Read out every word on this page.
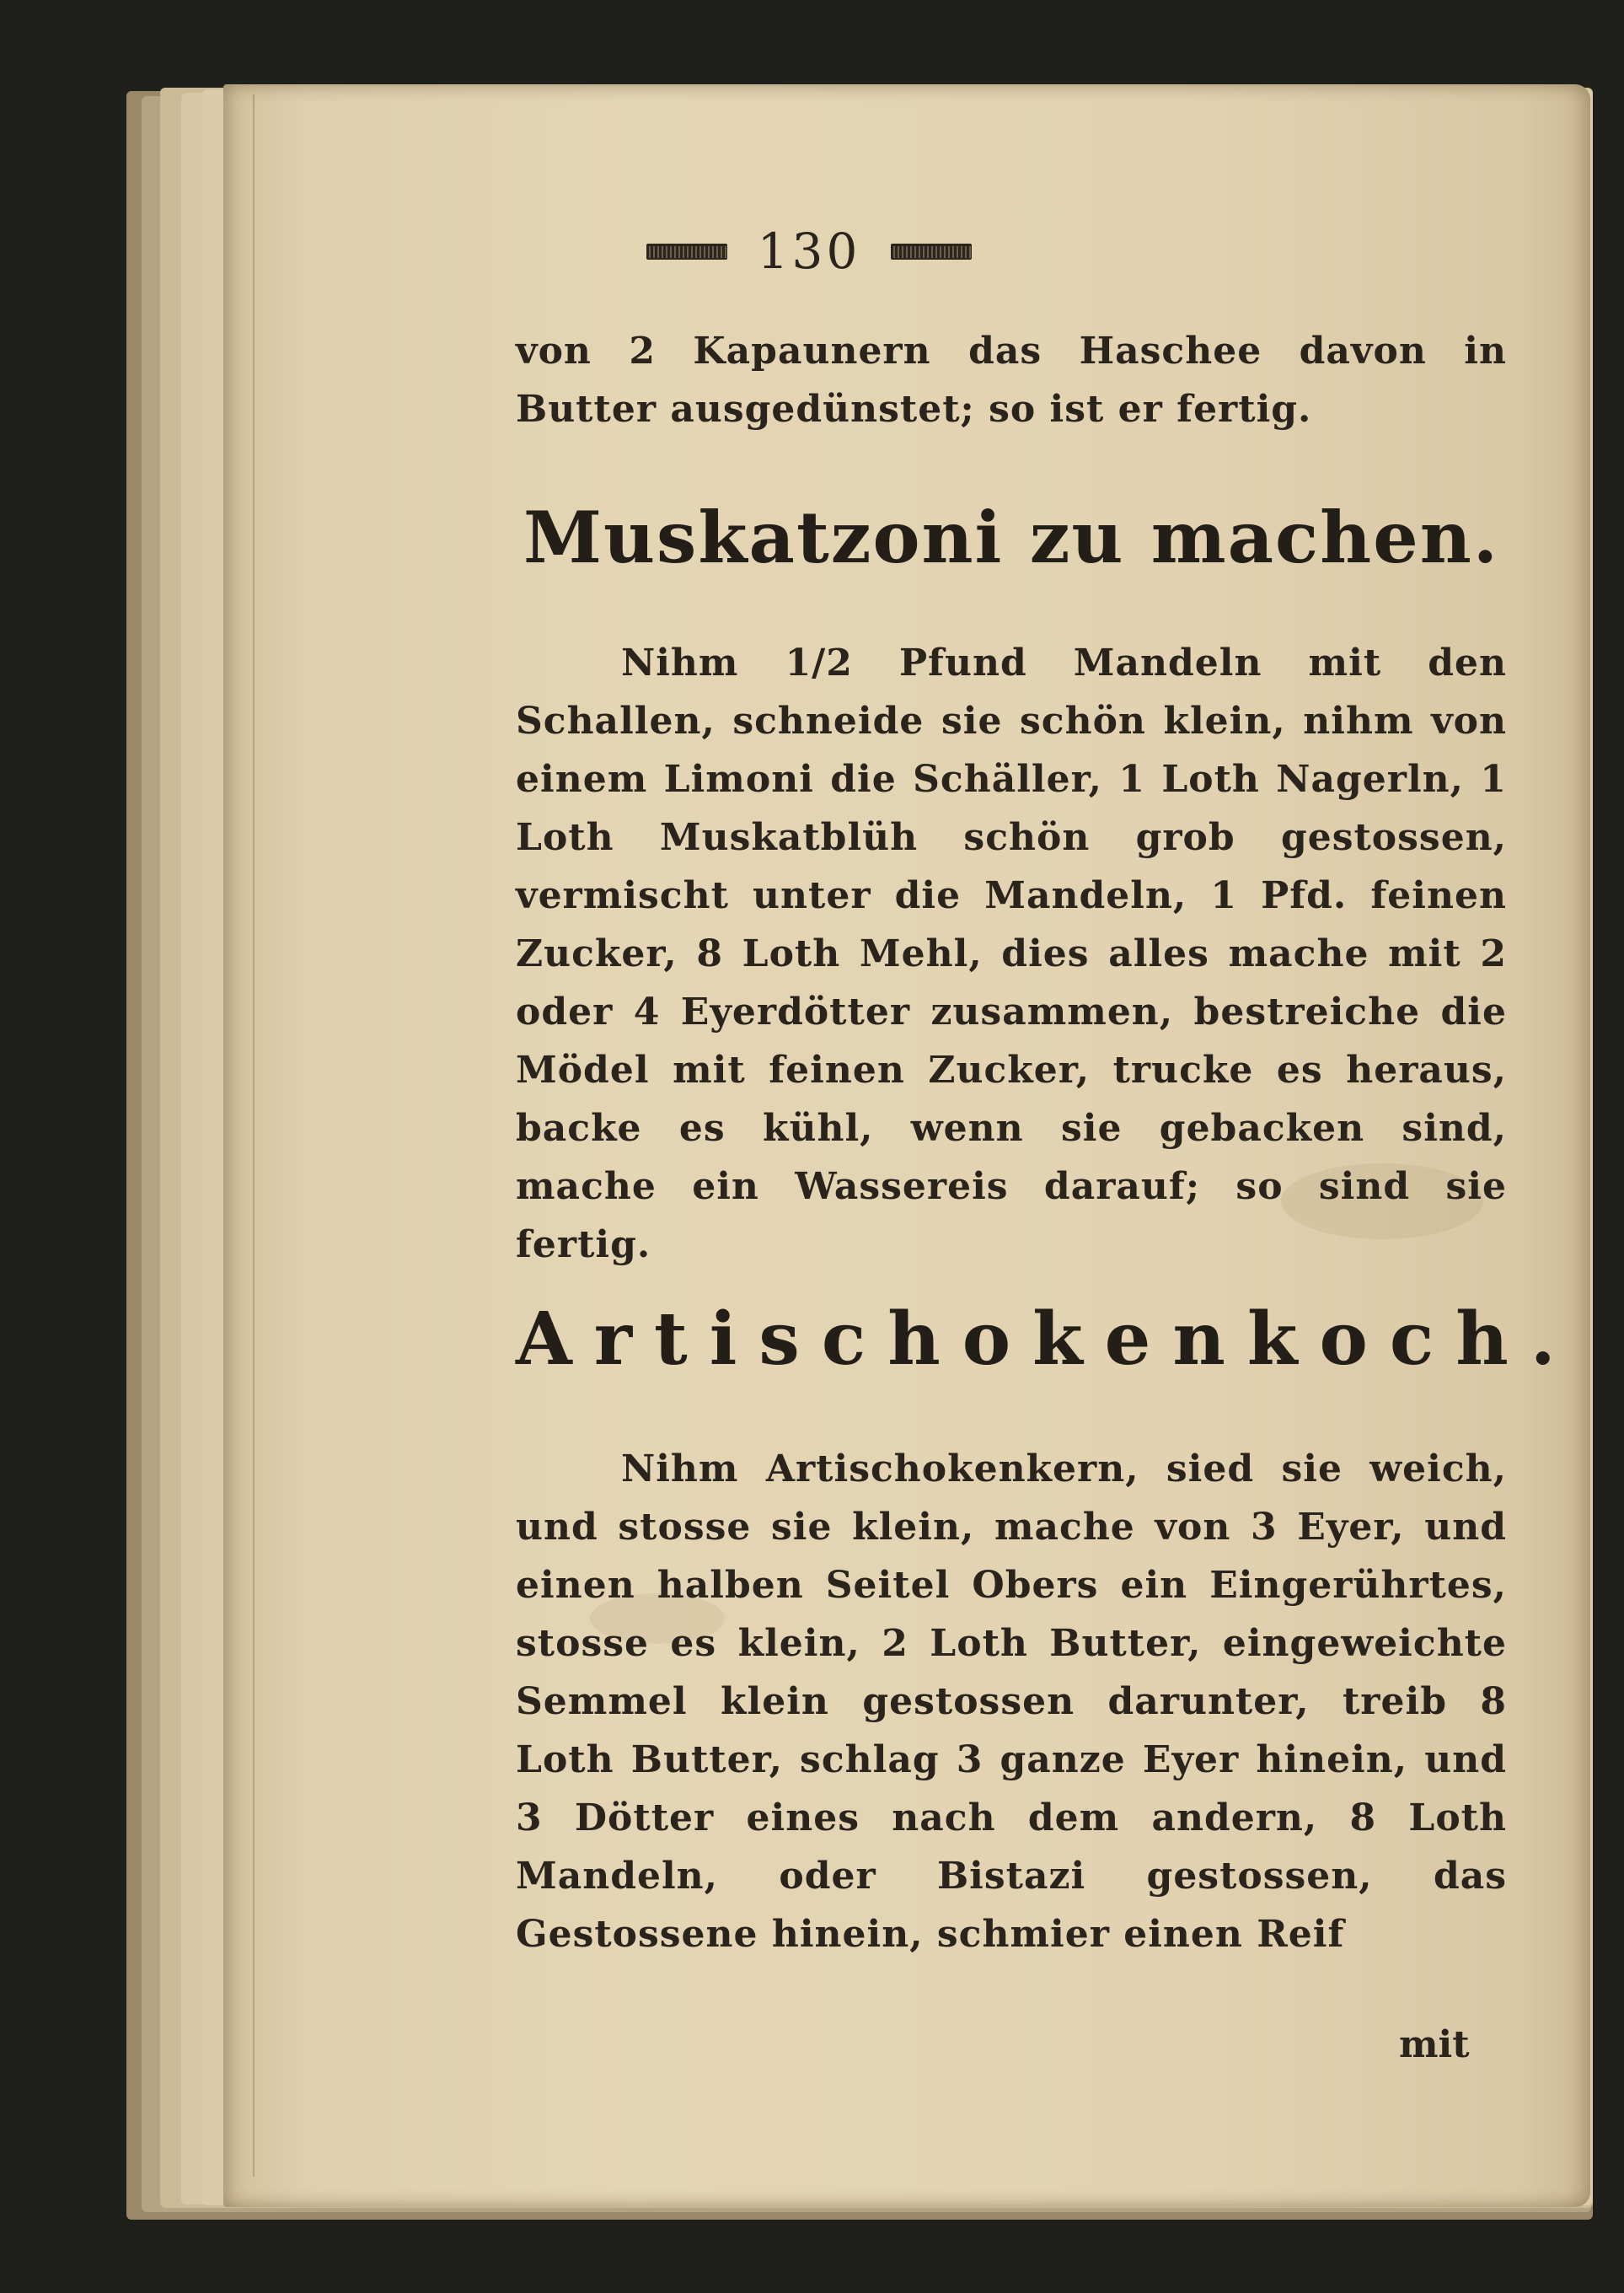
130
von 2 Kapaunern das Haschee davon in Butter ausgedünstet; so ist er fertig.
Muskatzoni zu machen.
Nihm 1/2 Pfund Mandeln mit den Schallen, schneide sie schön klein, nihm von einem Limoni die Schäller, 1 Loth Nagerln, 1 Loth Muskatblüh schön grob gestossen, vermischt unter die Mandeln, 1 Pfd. feinen Zucker, 8 Loth Mehl, dies alles mache mit 2 oder 4 Eyerdötter zusammen, bestreiche die Mödel mit feinen Zucker, trucke es heraus, backe es kühl, wenn sie gebacken sind, mache ein Wassereis darauf; so sind sie fertig.
Artischokenkoch.
Nihm Artischokenkern, sied sie weich, und stosse sie klein, mache von 3 Eyer, und einen halben Seitel Obers ein Eingerührtes, stosse es klein, 2 Loth Butter, eingeweichte Semmel klein gestossen darunter, treib 8 Loth Butter, schlag 3 ganze Eyer hinein, und 3 Dötter eines nach dem andern, 8 Loth Mandeln, oder Bistazi gestossen, das Gestossene hinein, schmier einen Reif
mit
